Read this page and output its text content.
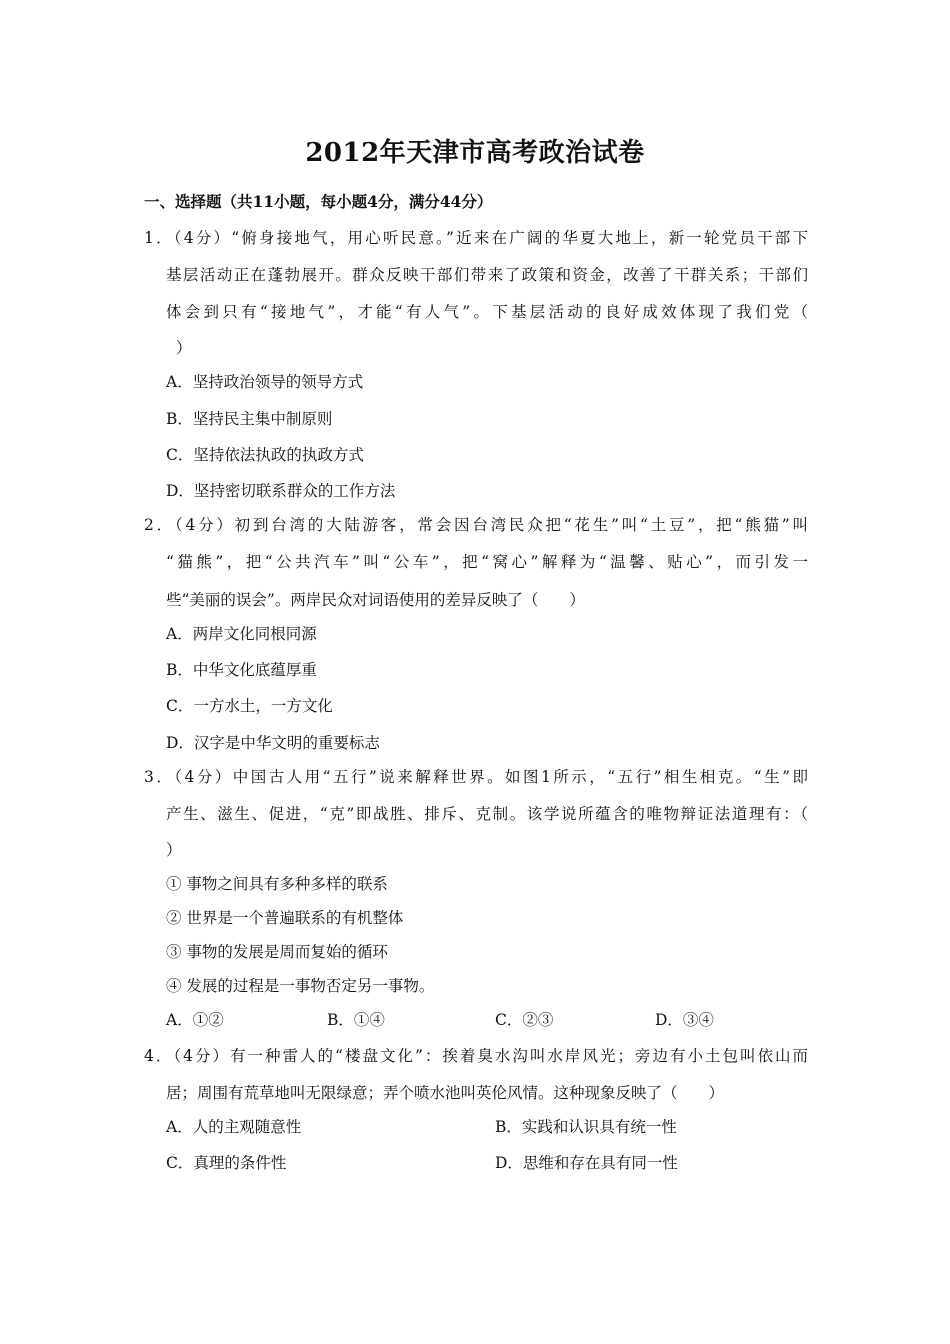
2012年天津市高考政治试卷
一、选择题（共11小题，每小题4分，满分44分）
1．（4分）“俯身接地气，用心听民意。”近来在广阔的华夏大地上，新一轮党员干部下
基层活动正在蓬勃展开。群众反映干部们带来了政策和资金，改善了干群关系；干部们
体会到只有“接地气”，才能“有人气”。下基层活动的良好成效体现了我们党（
）
A．坚持政治领导的领导方式
B．坚持民主集中制原则
C．坚持依法执政的执政方式
D．坚持密切联系群众的工作方法
2．（4分）初到台湾的大陆游客，常会因台湾民众把“花生”叫“土豆”，把“熊猫”叫
“猫熊”，把“公共汽车”叫“公车”，把“窝心”解释为“温馨、贴心”，而引发一
些“美丽的误会”。两岸民众对词语使用的差异反映了（　　）
A．两岸文化同根同源
B．中华文化底蕴厚重
C．一方水土，一方文化
D．汉字是中华文明的重要标志
3．（4分）中国古人用“五行”说来解释世界。如图1所示，“五行”相生相克。“生”即
产生、滋生、促进，“克”即战胜、排斥、克制。该学说所蕴含的唯物辩证法道理有：（
）
① 事物之间具有多种多样的联系
② 世界是一个普遍联系的有机整体
③ 事物的发展是周而复始的循环
④ 发展的过程是一事物否定另一事物。
A．①②	B．①④	C．②③	D．③④
4．（4分）有一种雷人的“楼盘文化”：挨着臭水沟叫水岸风光；旁边有小土包叫依山而
居；周围有荒草地叫无限绿意；弄个喷水池叫英伦风情。这种现象反映了（　　）
A．人的主观随意性	B．实践和认识具有统一性
C．真理的条件性	D．思维和存在具有同一性
